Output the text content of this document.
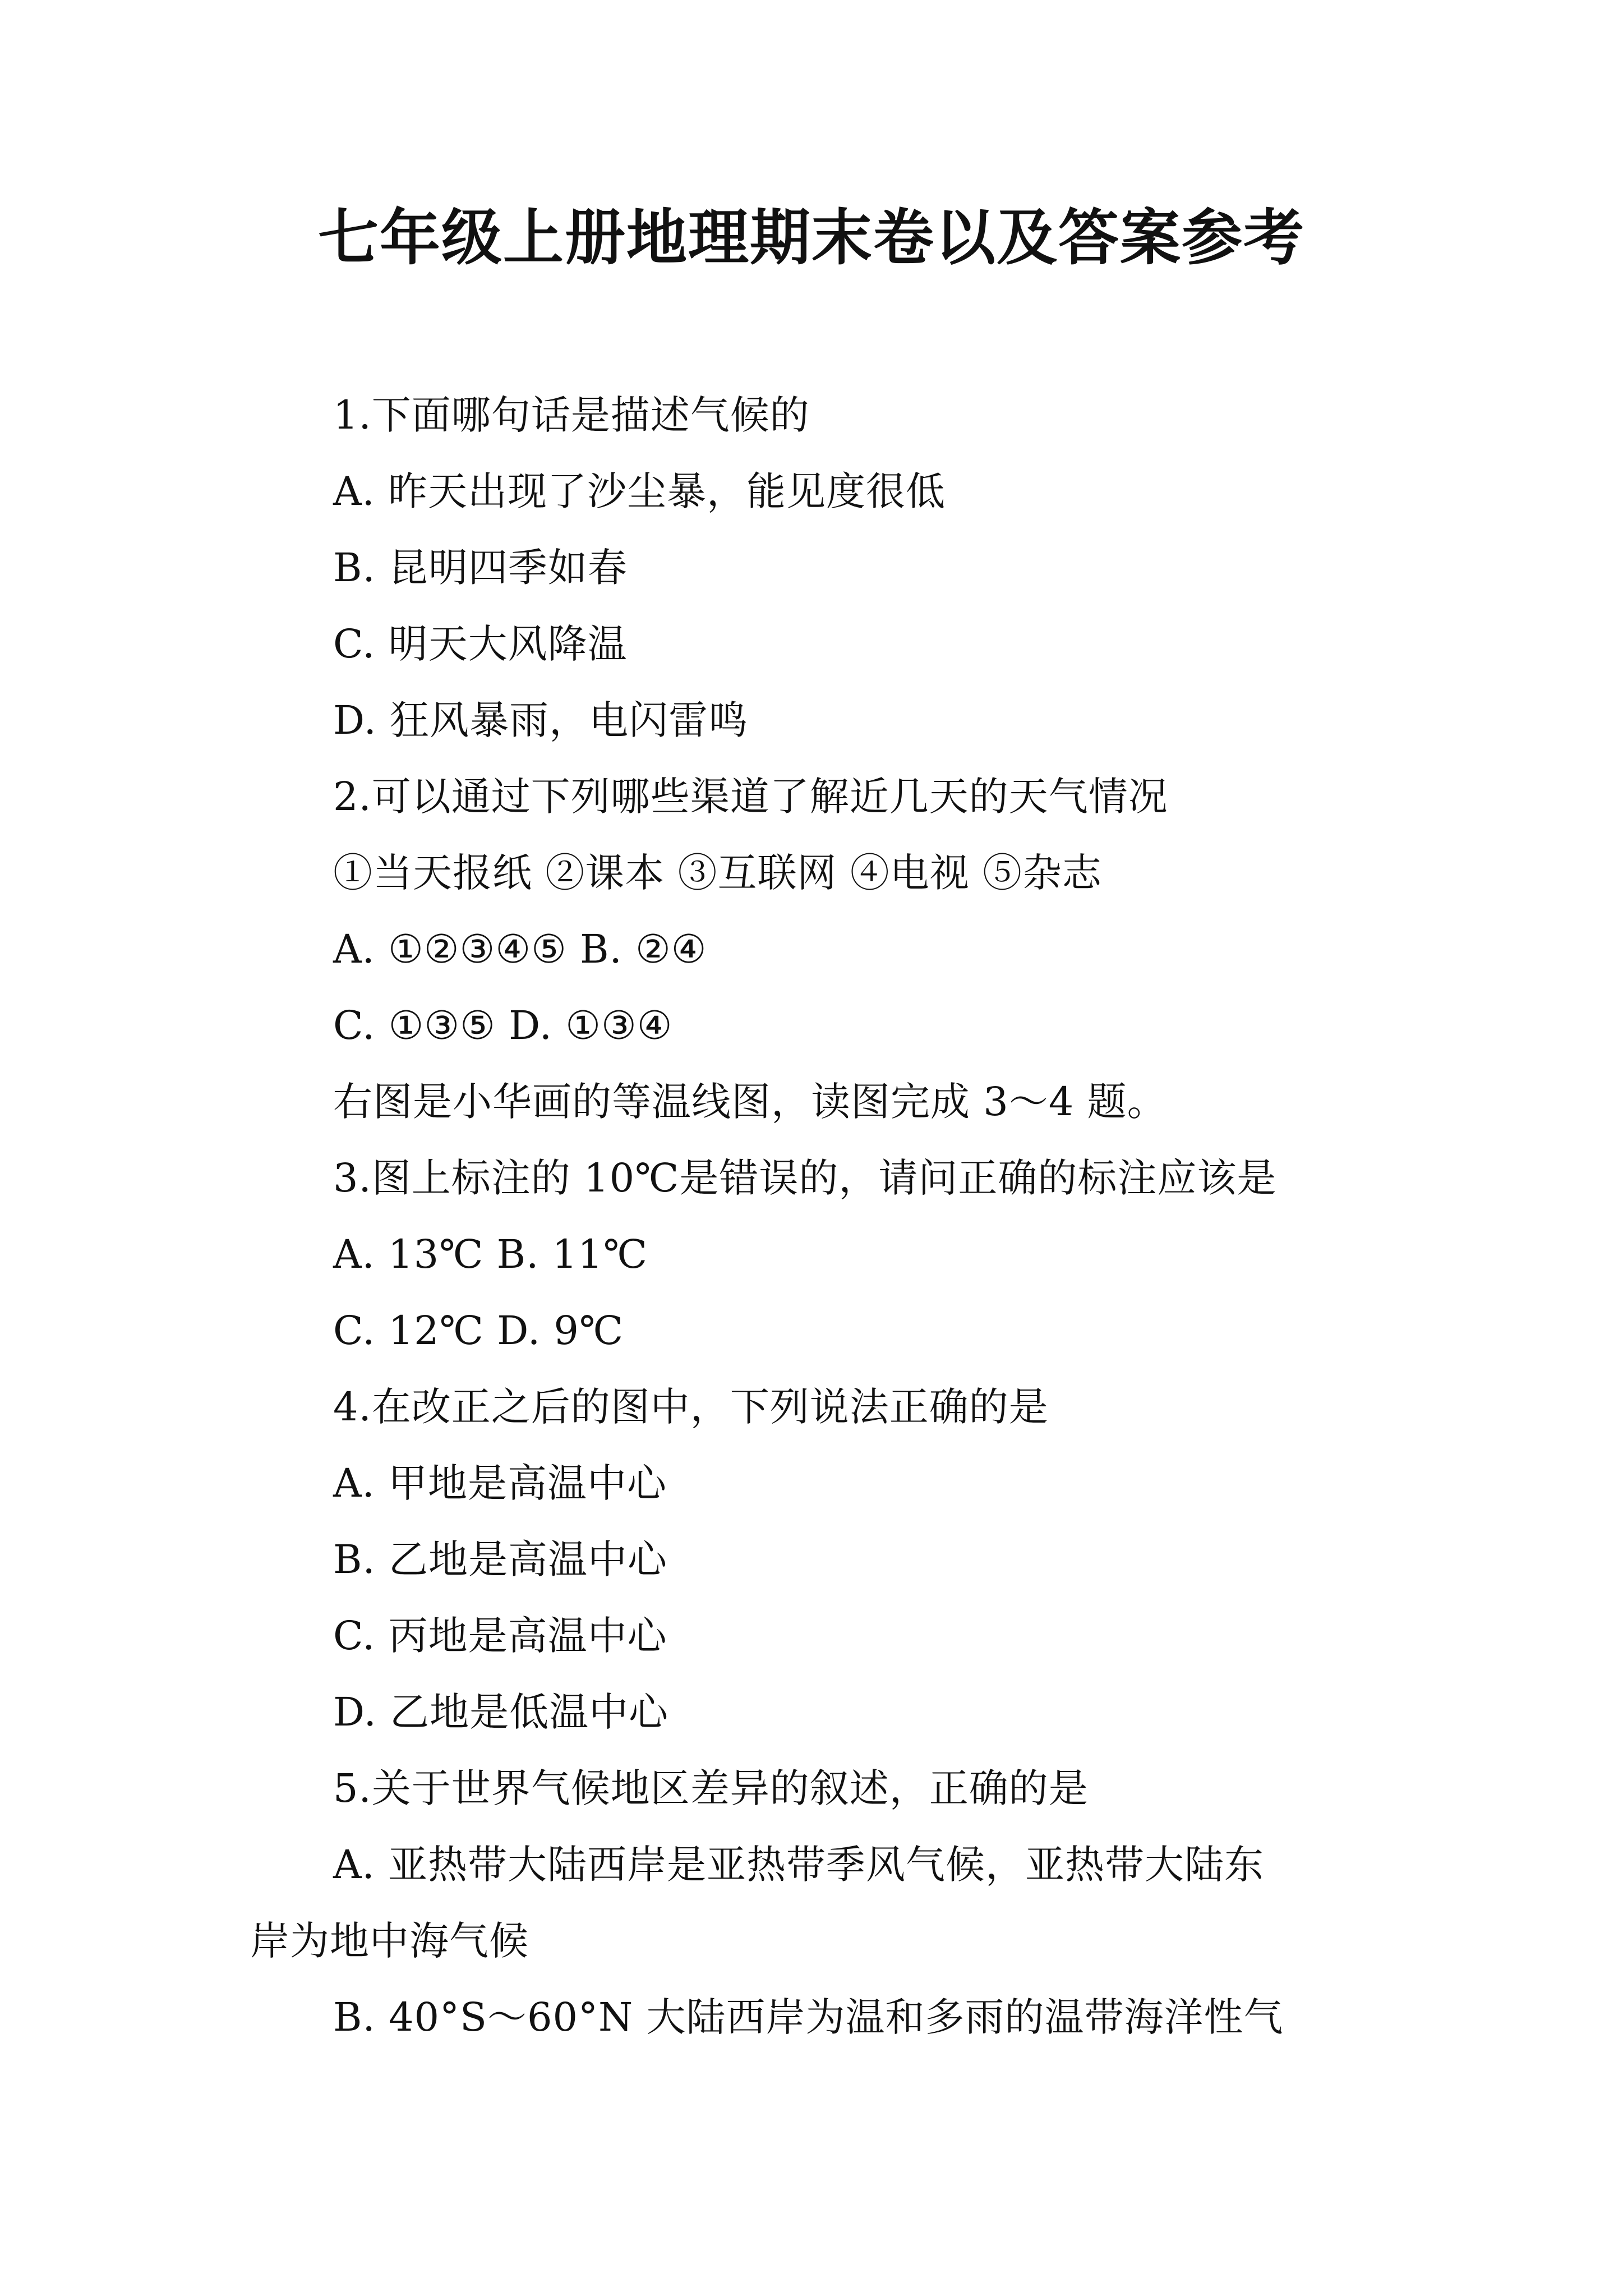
七年级上册地理期末卷以及答案参考
1.下面哪句话是描述气候的
A. 昨天出现了沙尘暴，能见度很低
B. 昆明四季如春
C. 明天大风降温
D. 狂风暴雨，电闪雷鸣
2.可以通过下列哪些渠道了解近几天的天气情况
①当天报纸 ②课本 ③互联网 ④电视 ⑤杂志
A. ①②③④⑤ B. ②④
C. ①③⑤ D. ①③④
右图是小华画的等温线图，读图完成 3～4 题。
3.图上标注的 10℃是错误的，请问正确的标注应该是
A. 13℃ B. 11℃
C. 12℃ D. 9℃
4.在改正之后的图中，下列说法正确的是
A. 甲地是高温中心
B. 乙地是高温中心
C. 丙地是高温中心
D. 乙地是低温中心
5.关于世界气候地区差异的叙述，正确的是
A. 亚热带大陆西岸是亚热带季风气候，亚热带大陆东
岸为地中海气候
B. 40°S～60°N 大陆西岸为温和多雨的温带海洋性气
